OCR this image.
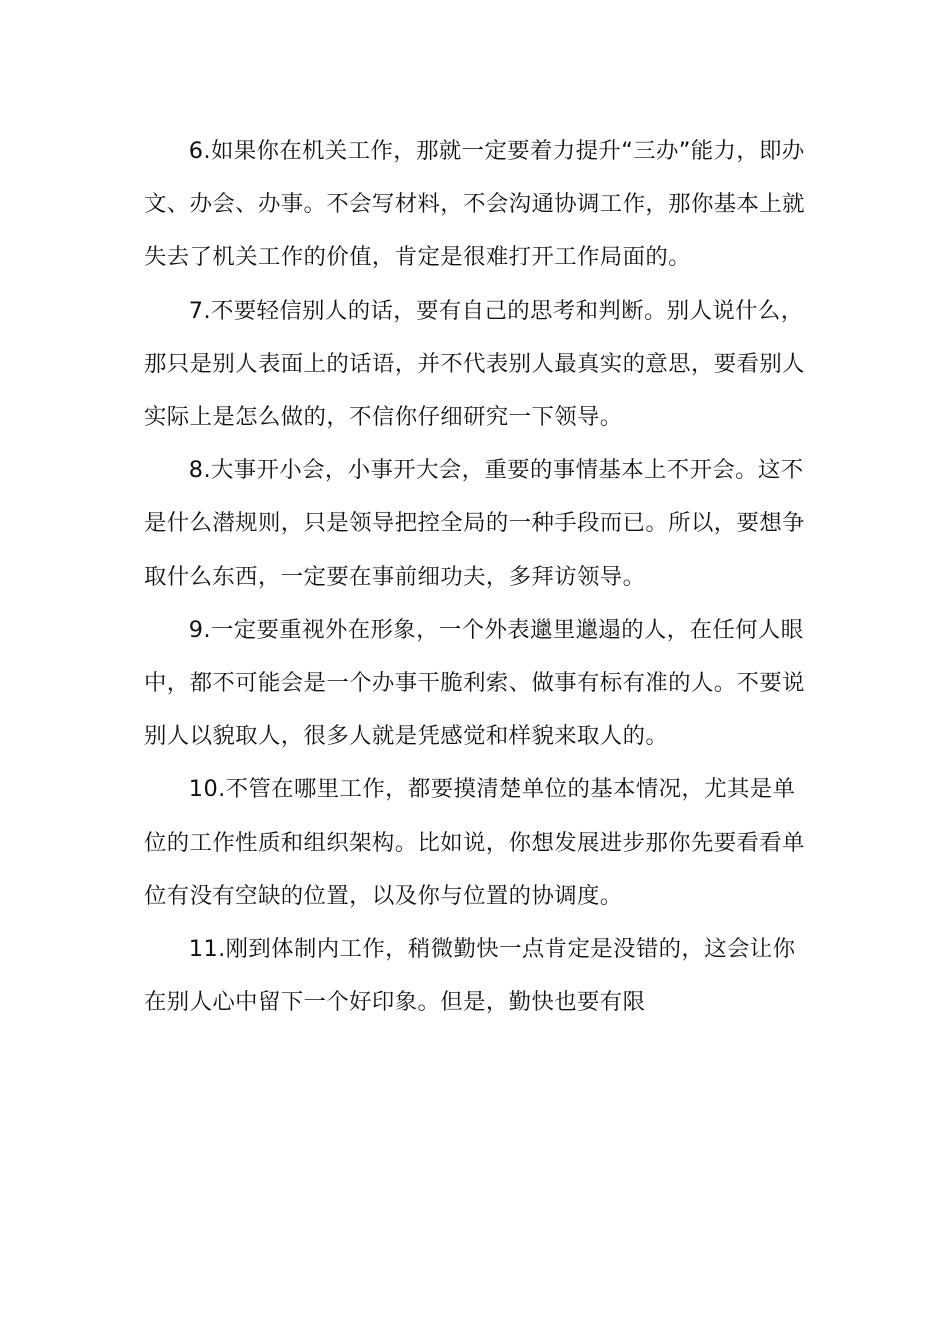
6.如果你在机关工作，那就一定要着力提升“三办”能力，即办文、办会、办事。不会写材料，不会沟通协调工作，那你基本上就失去了机关工作的价值，肯定是很难打开工作局面的。

7.不要轻信别人的话，要有自己的思考和判断。别人说什么，那只是别人表面上的话语，并不代表别人最真实的意思，要看别人实际上是怎么做的，不信你仔细研究一下领导。

8.大事开小会，小事开大会，重要的事情基本上不开会。这不是什么潜规则，只是领导把控全局的一种手段而已。所以，要想争取什么东西，一定要在事前细功夫，多拜访领导。

9.一定要重视外在形象，一个外表邋里邋遢的人，在任何人眼中，都不可能会是一个办事干脆利索、做事有标有准的人。不要说别人以貌取人，很多人就是凭感觉和样貌来取人的。

10.不管在哪里工作，都要摸清楚单位的基本情况，尤其是单位的工作性质和组织架构。比如说，你想发展进步那你先要看看单位有没有空缺的位置，以及你与位置的协调度。

11.刚到体制内工作，稍微勤快一点肯定是没错的，这会让你在别人心中留下一个好印象。但是，勤快也要有限
